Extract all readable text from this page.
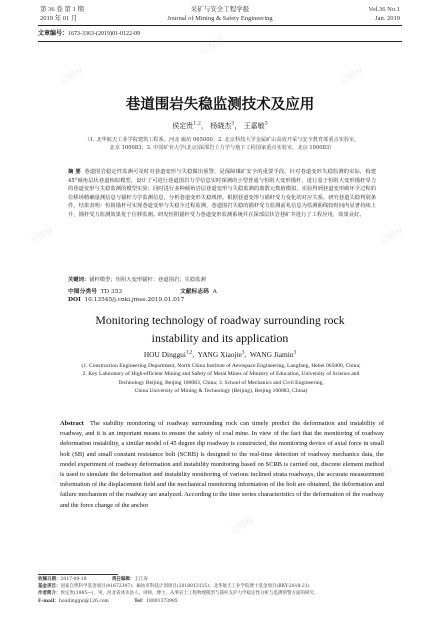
第 36 卷 第 1 期
2019 年 01 月
采矿与安全工程学报
Journal of Mining & Safety Engineering
Vol.36 No.1
Jan. 2019
文章编号：1673-3363-(2019)01-0122-09
巷道围岩失稳监测技术及应用
侯定贵$^{1,2}$， 杨晓杰$^3$， 王嘉敏$^3$
（1. 北华航天工业学院建筑工程系，河北 廊坊 065000；2. 北京科技大学金属矿山高效开采与安全教育部重点实验室，
北京 100083；3. 中国矿业大学(北京)深部岩土力学与地下工程国家重点实验室，北京 100083）
摘 要 巷道围岩稳定性监测可及时对巷道变形与失稳做出预警，是保障煤矿安全的重要手段。针对巷道变形失稳监测的实际，构建 45°倾角层状巷道相似模型，设计了可进行巷道围岩力学信息实时探测的小型普通与恒阻大变形锚杆，进行基于恒阻大变形锚杆受力的巷道变形与失稳监测的模型实验；同时进行多种倾角岩层巷道变形与失稳监测的离散元数值模拟，实验得到巷道变形破坏全过程的位移场精确量测信息与锚杆力学监测信息，分析巷道变形失稳规律。根据巷道变形与锚杆受力变化的对应关系，研究巷道失稳判别条件，结果表明：恒阻锚杆可实现巷道变形与失稳全过程监测，巷道围岩失稳的锚杆受力监测前兆信息为监测曲线较时间内显著持续上升，锚杆受力监测效果优于位移监测。研发恒阻锚杆受力巷道变形监测系统并在深部层状岩巷矿井进行了工程应用，效果良好。
关键词：锚杆模型；恒阻大变形锚杆；巷道围岩；失稳监测
中图分类号 TD 353	文献标志码 A DOI 10.13545/j.cnki.jmse.2019.01.017
Monitoring technology of roadway surrounding rock
instability and its application
HOU Dinggui$^{1,2}$,  YANG Xiaojie$^3$,  WANG Jiamin$^3$
(1. Construction Engineering Department, North China Institute of Aerospace Engineering, Langfang, Hebei 065000, China;
2. Key Laboratory of High-efficient Mining and Safety of Metal Mines of Ministry of Education, University of Science and
Technology Beijing, Beijing 100083, China; 3. School of Mechanics and Civil Engineering,
China University of Mining & Technology (Beijing), Beijing 100083, China)
Abstract The stability monitoring of roadway surrounding rock can timely predict the deformation and instability of roadway, and it is an important means to ensure the safety of coal mine. In view of the fact that the monitoring of roadway deformation instability, a similar model of 45 degree dip roadway is constructed, the monitoring device of axial force in small bolt (SB) and small constant resistance bolt (SCRB) is designed to the real-time detection of roadway mechanics data, the model experiment of roadway deformation and instability monitoring based on SCRB is carried out, discrete element method is used to simulate the deformation and instability monitoring of various inclined strata roadways, the accurate measurement information of the displacement field and the mechanical monitoring information of the bolt are obtained, the deformation and failure mechanism of the roadway are analyzed. According to the time series characteristics of the deformation of the roadway and the force change of the anchor
收稿日期：2017-09-18	责任编辑：王江涛
基金项目：国家自然科学基金项目(41672347)；廊坊市科技计划项目(2018013115)；北华航天工业学院博士基金项目(BKY-2018-21)
作者简介：侯定贵(1985—)，男，河北省沭水县人，讲师，博士，从事岩土工程物理模型与锚杆支护力学稳定性分析与监测预警方面的研究。
E-mail：houdinggui@126.com	Tel：18001373985
已授权
已授权
已授权
已授权	已授权
已授权
已授权
已授权
